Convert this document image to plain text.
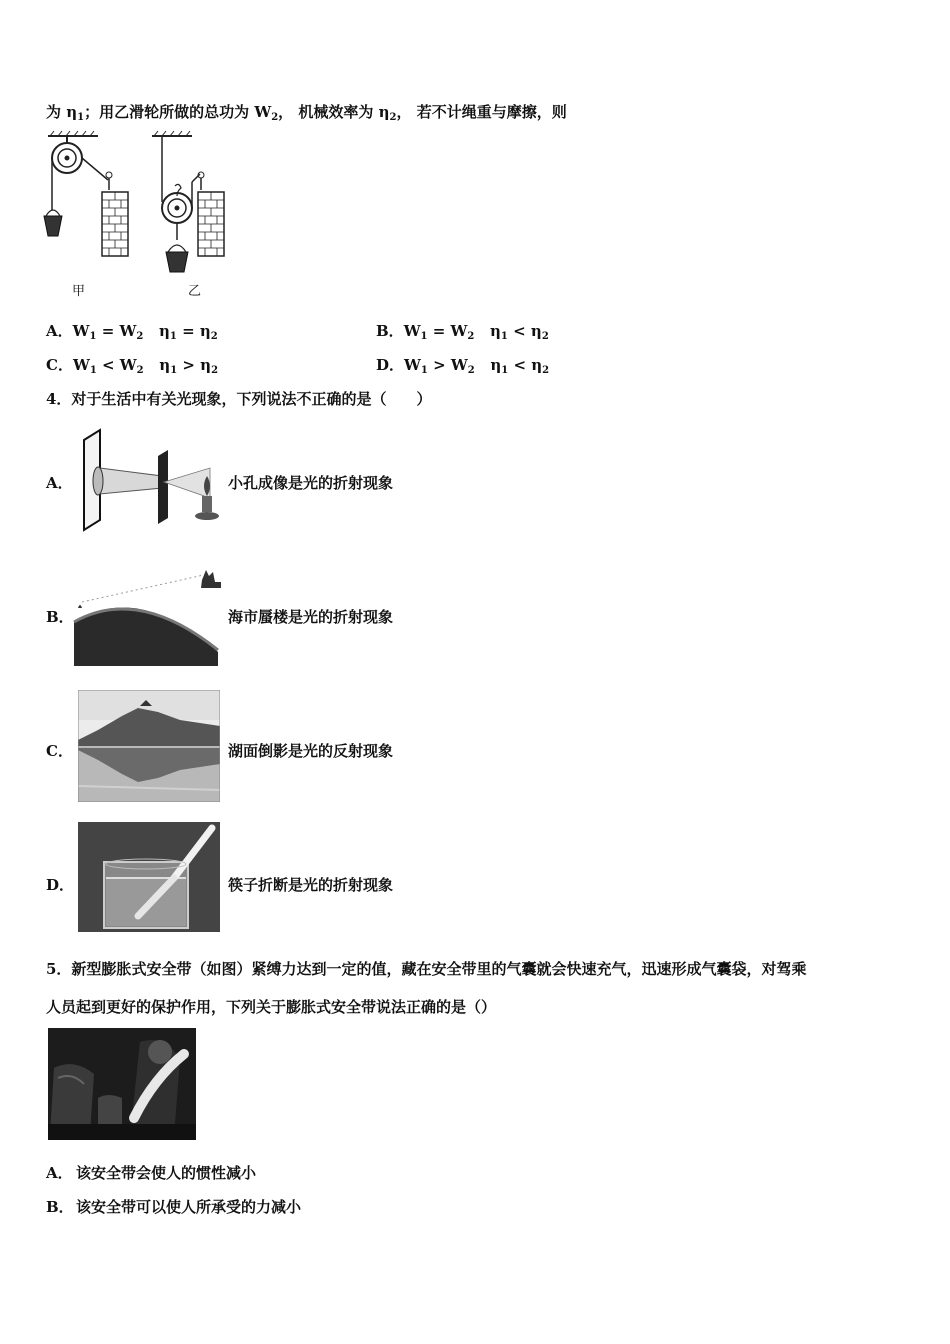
为 $\eta_1$；用乙滑轮所做的总功为 $W_2$， 机械效率为 $\eta_2$， 若不计绳重与摩擦，则
甲	乙
A．$W_1 = W_2$ $\eta_1 = \eta_2$	B．$W_1 = W_2$ $\eta_1 < \eta_2$
C．$W_1 < W_2$ $\eta_1 > \eta_2$	D．$W_1 > W_2$ $\eta_1 < \eta_2$
4．对于生活中有关光现象，下列说法不正确的是（　　）
A．	小孔成像是光的折射现象
B．	海市蜃楼是光的折射现象
C．	湖面倒影是光的反射现象
D．	筷子折断是光的折射现象
5．新型膨胀式安全带（如图）紧缚力达到一定的值，藏在安全带里的气囊就会快速充气，迅速形成气囊袋，对驾乘
人员起到更好的保护作用，下列关于膨胀式安全带说法正确的是（）
A． 该安全带会使人的惯性减小
B． 该安全带可以使人所承受的力减小
